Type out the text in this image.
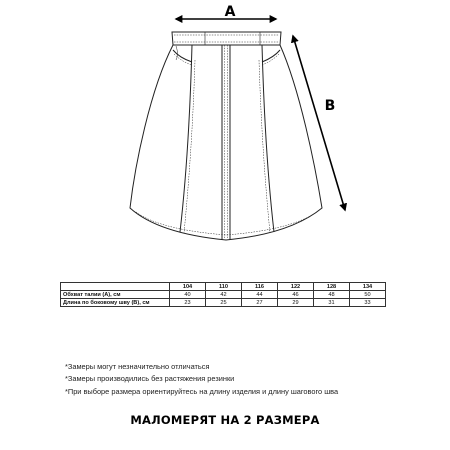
A
B
	104	110	116	122	128	134
Обхват талии (А), см	40	42	44	46	48	50
Длина по боковому шву (В), см	23	25	27	29	31	33
*Замеры могут незначительно отличаться
*Замеры производились без растяжения резинки
*При выборе размера ориентируйтесь на длину изделия и длину шагового шва
МАЛОМЕРЯТ НА 2 РАЗМЕРА
